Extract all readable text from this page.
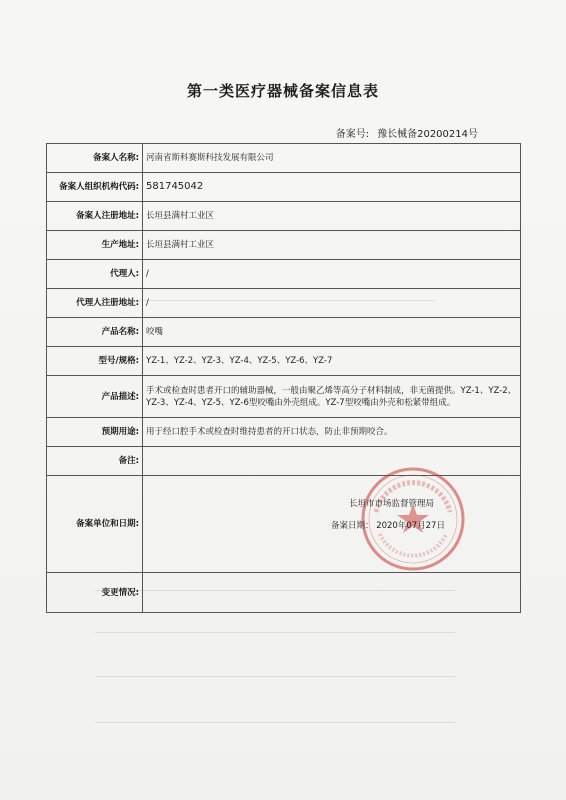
第一类医疗器械备案信息表
备案号: 豫长械备20200214号
备案人名称:	河南省斯科赛斯科技发展有限公司
备案人组织机构代码:	581745042
备案人注册地址:	长垣县满村工业区
生产地址:	长垣县满村工业区
代理人:	/
代理人注册地址:	/
产品名称:	咬嘴
型号/规格:	YZ-1、YZ-2、YZ-3、YZ-4、YZ-5、YZ-6、YZ-7
产品描述:	手术或检查时患者开口的辅助器械，一般由聚乙烯等高分子材料制成，非无菌提供。YZ-1、YZ-2、YZ-3、YZ-4、YZ-5、YZ-6型咬嘴由外壳组成。YZ-7型咬嘴由外壳和松紧带组成。
预期用途:	用于经口腔手术或检查时维持患者的开口状态，防止非预期咬合。
备注:	
备案单位和日期:	长垣市市场监督管理局
备案日期： 2020年07月27日

变更情况:	
